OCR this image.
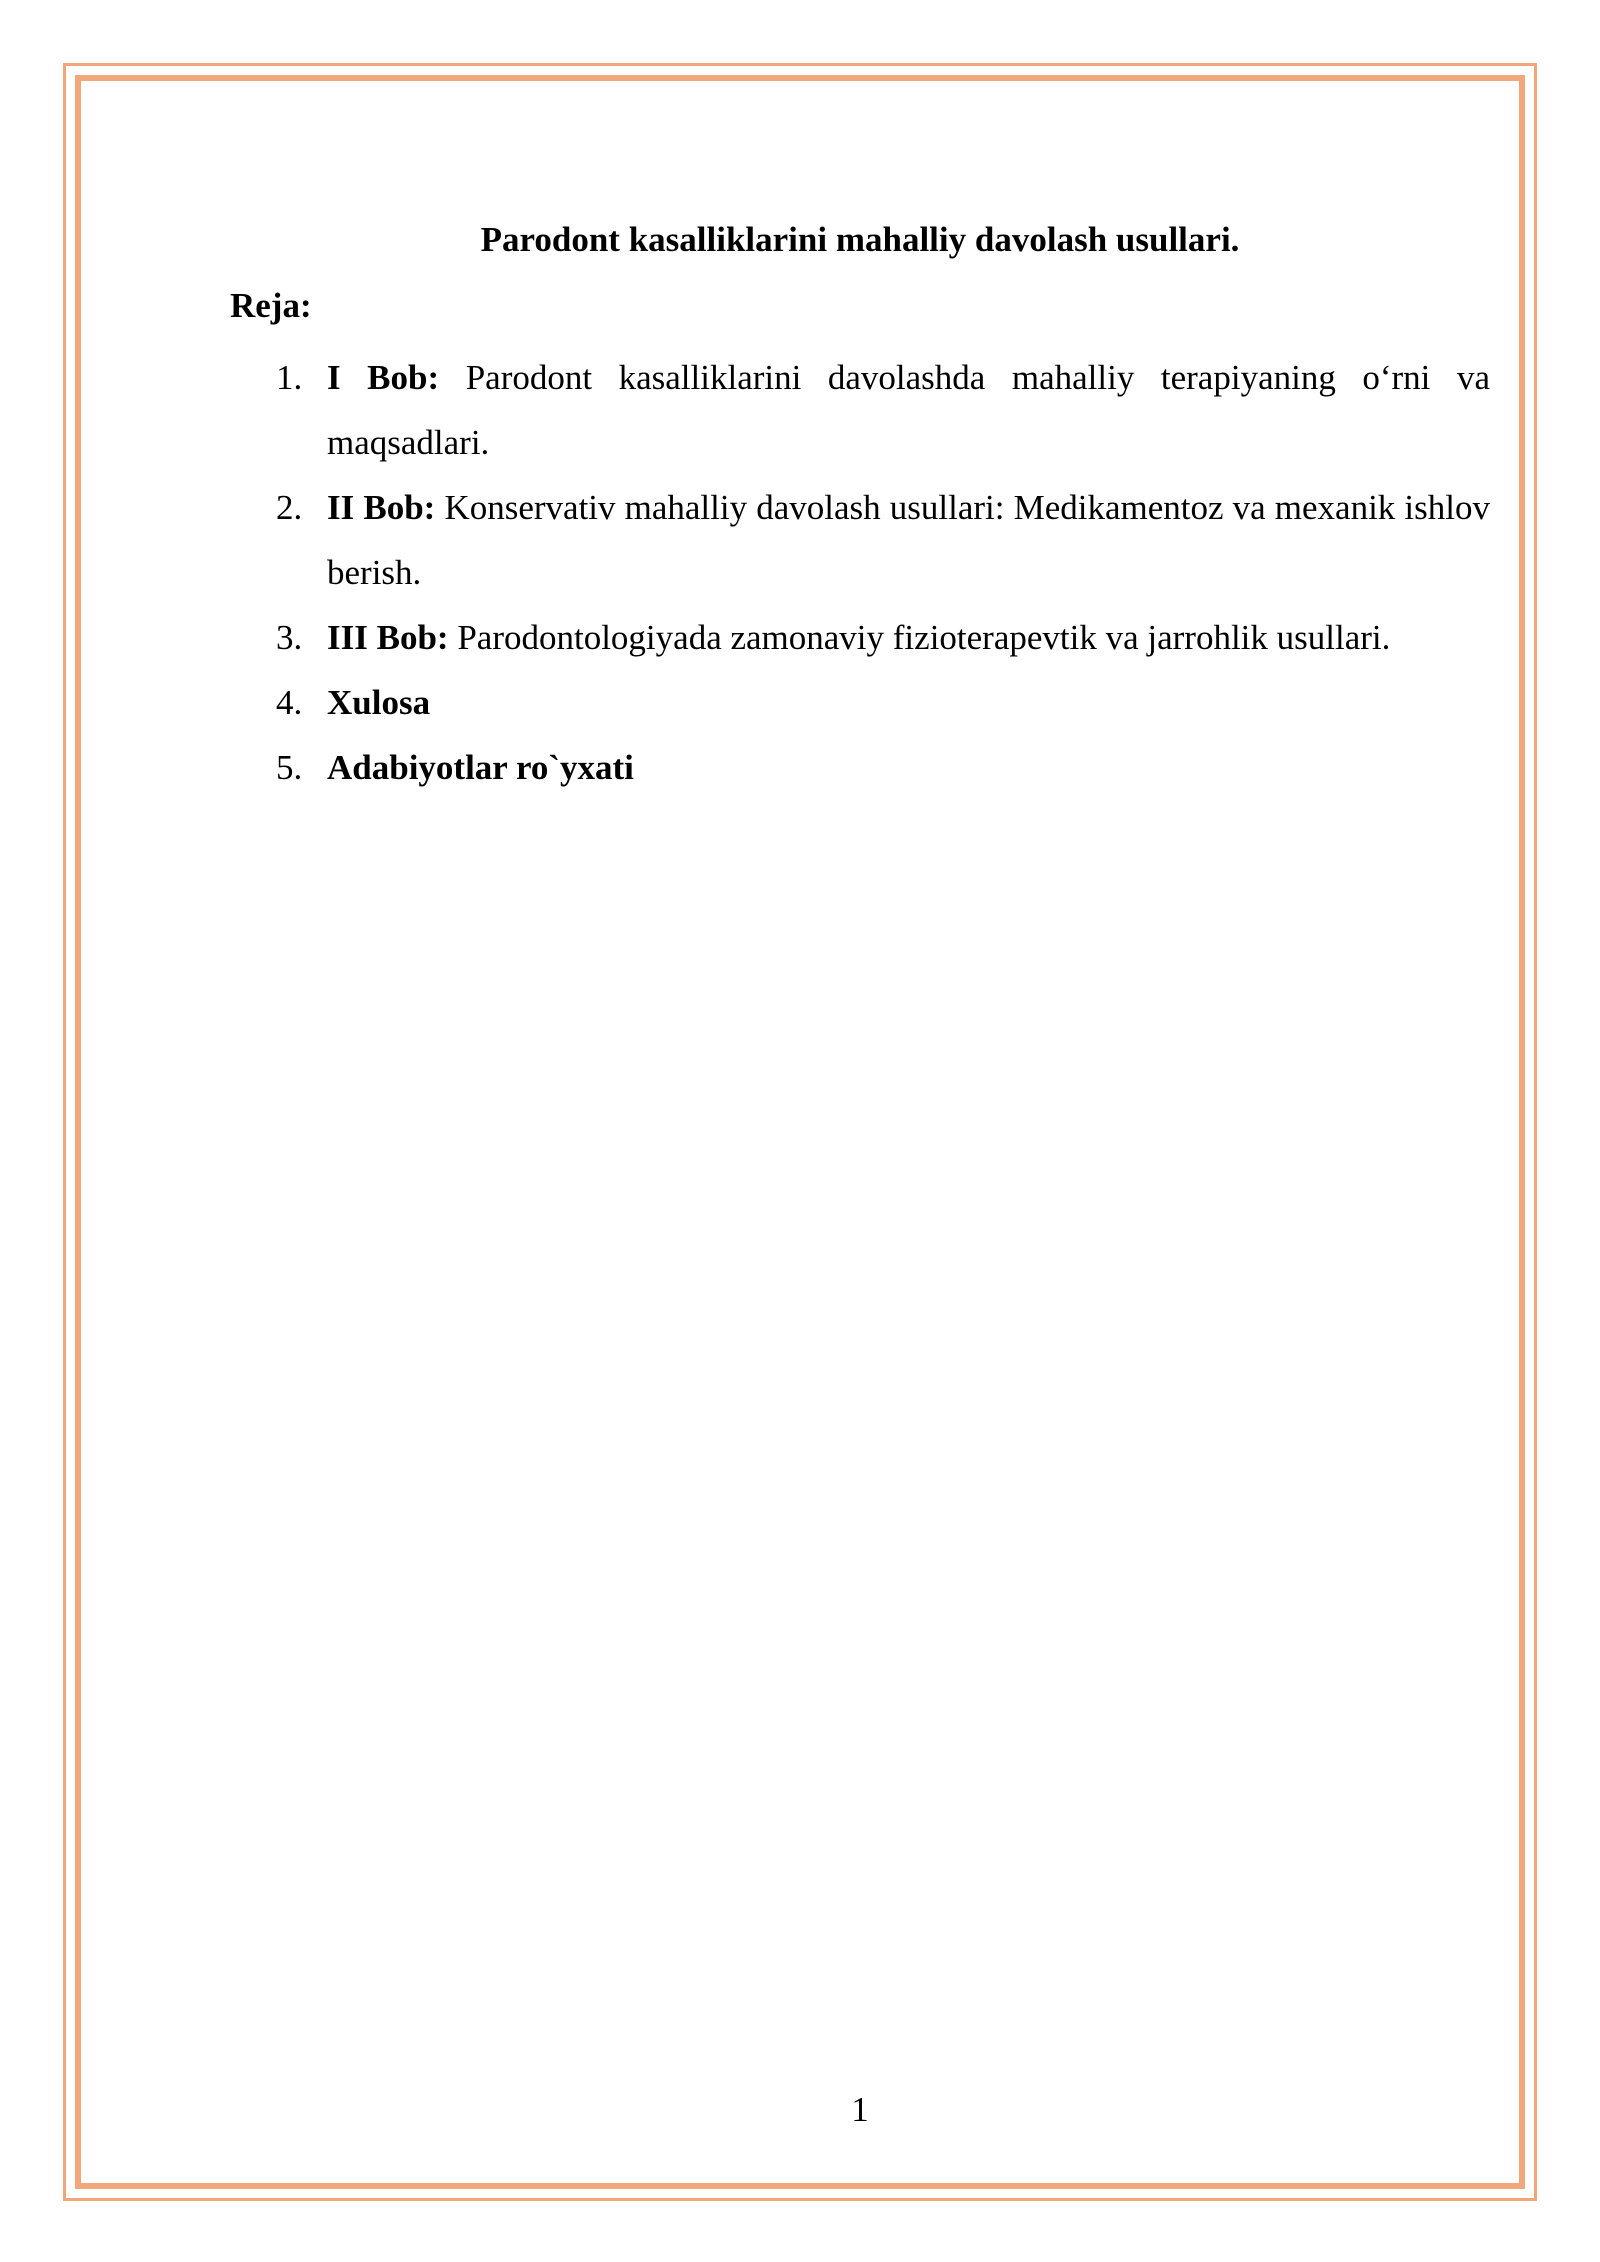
Parodont kasalliklarini mahalliy davolash usullari.
Reja:
1. I Bob: Parodont kasalliklarini davolashda mahalliy terapiyaning o‘rni va maqsadlari.
2. II Bob: Konservativ mahalliy davolash usullari: Medikamentoz va mexanik ishlov berish.
3. III Bob: Parodontologiyada zamonaviy fizioterapevtik va jarrohlik usullari.
4. Xulosa
5. Adabiyotlar ro`yxati
1
